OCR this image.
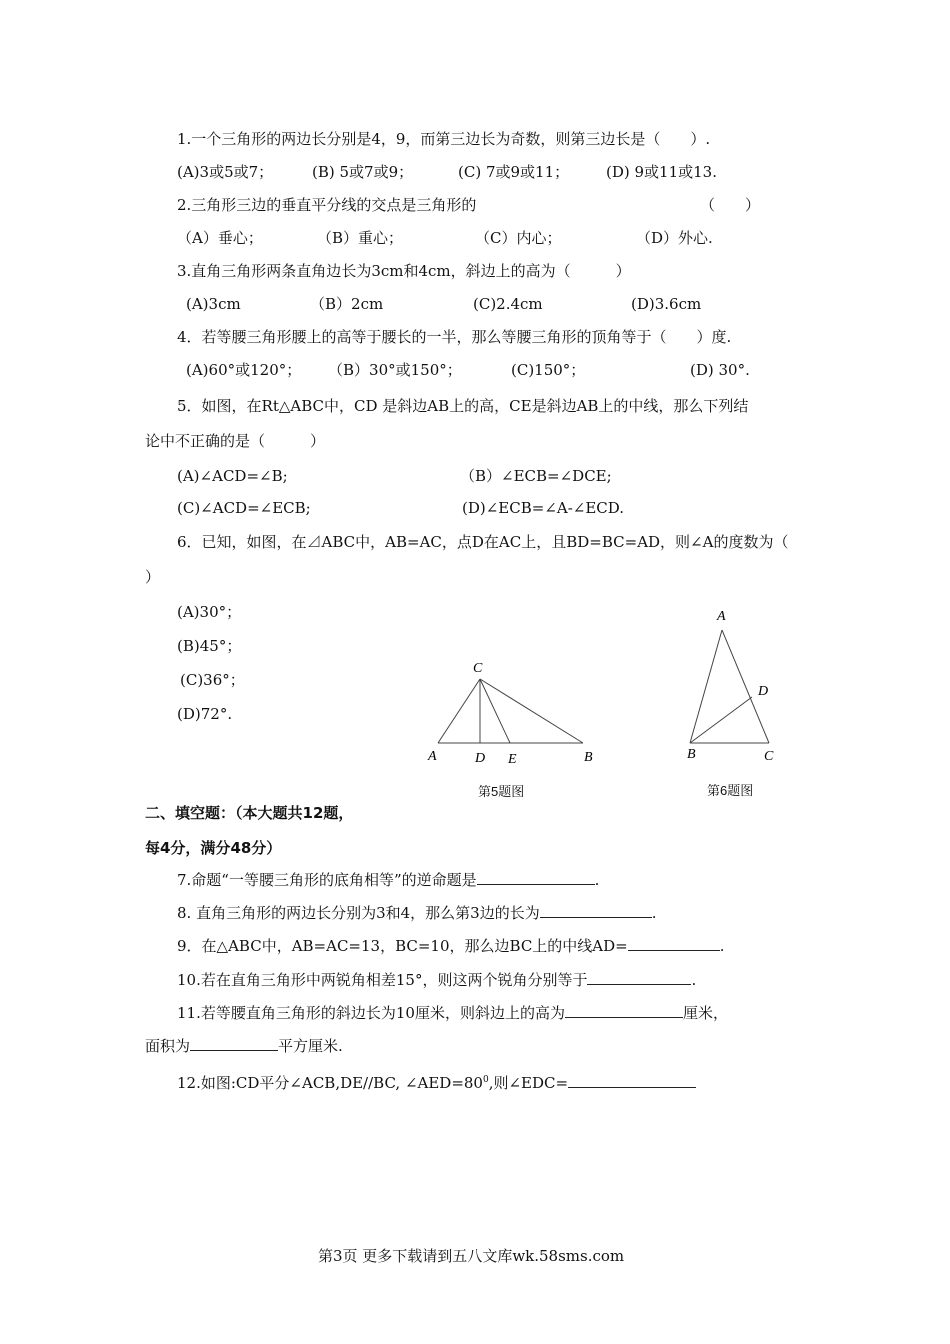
1.一个三角形的两边长分别是4，9，而第三边长为奇数，则第三边长是（　　）.
(A)3或5或7；	(B) 5或7或9；	(C) 7或9或11； (D) 9或11或13.
2.三角形三边的垂直平分线的交点是三角形的	（　　）
（A）垂心；	（B）重心；	（C）内心；	（D）外心.
3.直角三角形两条直角边长为3cm和4cm，斜边上的高为（　　　）
(A)3cm	（B）2cm	(C)2.4cm	(D)3.6cm
4．若等腰三角形腰上的高等于腰长的一半，那么等腰三角形的顶角等于（　　）度.
(A)60°或120°； （B）30°或150°；	(C)150°；	(D) 30°.
5．如图，在Rt△ABC中，CD 是斜边AB上的高，CE是斜边AB上的中线，那么下列结
论中不正确的是（　　　）
(A)∠ACD=∠B;	（B）∠ECB=∠DCE;
(C)∠ACD=∠ECB;	(D)∠ECB=∠A-∠ECD.
6．已知，如图，在⊿ABC中，AB=AC，点D在AC上，且BD=BC=AD，则∠A的度数为（
）
(A)30°；
(B)45°；
(C)36°；
(D)72°.
C
A	D E	B
第5题图
A
D
B	C
第6题图
二、填空题：（本大题共12题，
每4分，满分48分）
7.命题“一等腰三角形的底角相等”的逆命题是	.
8. 直角三角形的两边长分别为3和4，那么第3边的长为	.
9．在△ABC中，AB=AC=13，BC=10，那么边BC上的中线AD=	.
10.若在直角三角形中两锐角相差15°，则这两个锐角分别等于	.
11.若等腰直角三角形的斜边长为10厘米，则斜边上的高为	厘米，
面积为	平方厘米.
12.如图:CD平分∠ACB,DE//BC, $\angle AED=80^0$,则∠EDC=
第3页 更多下载请到五八文库wk.58sms.com
